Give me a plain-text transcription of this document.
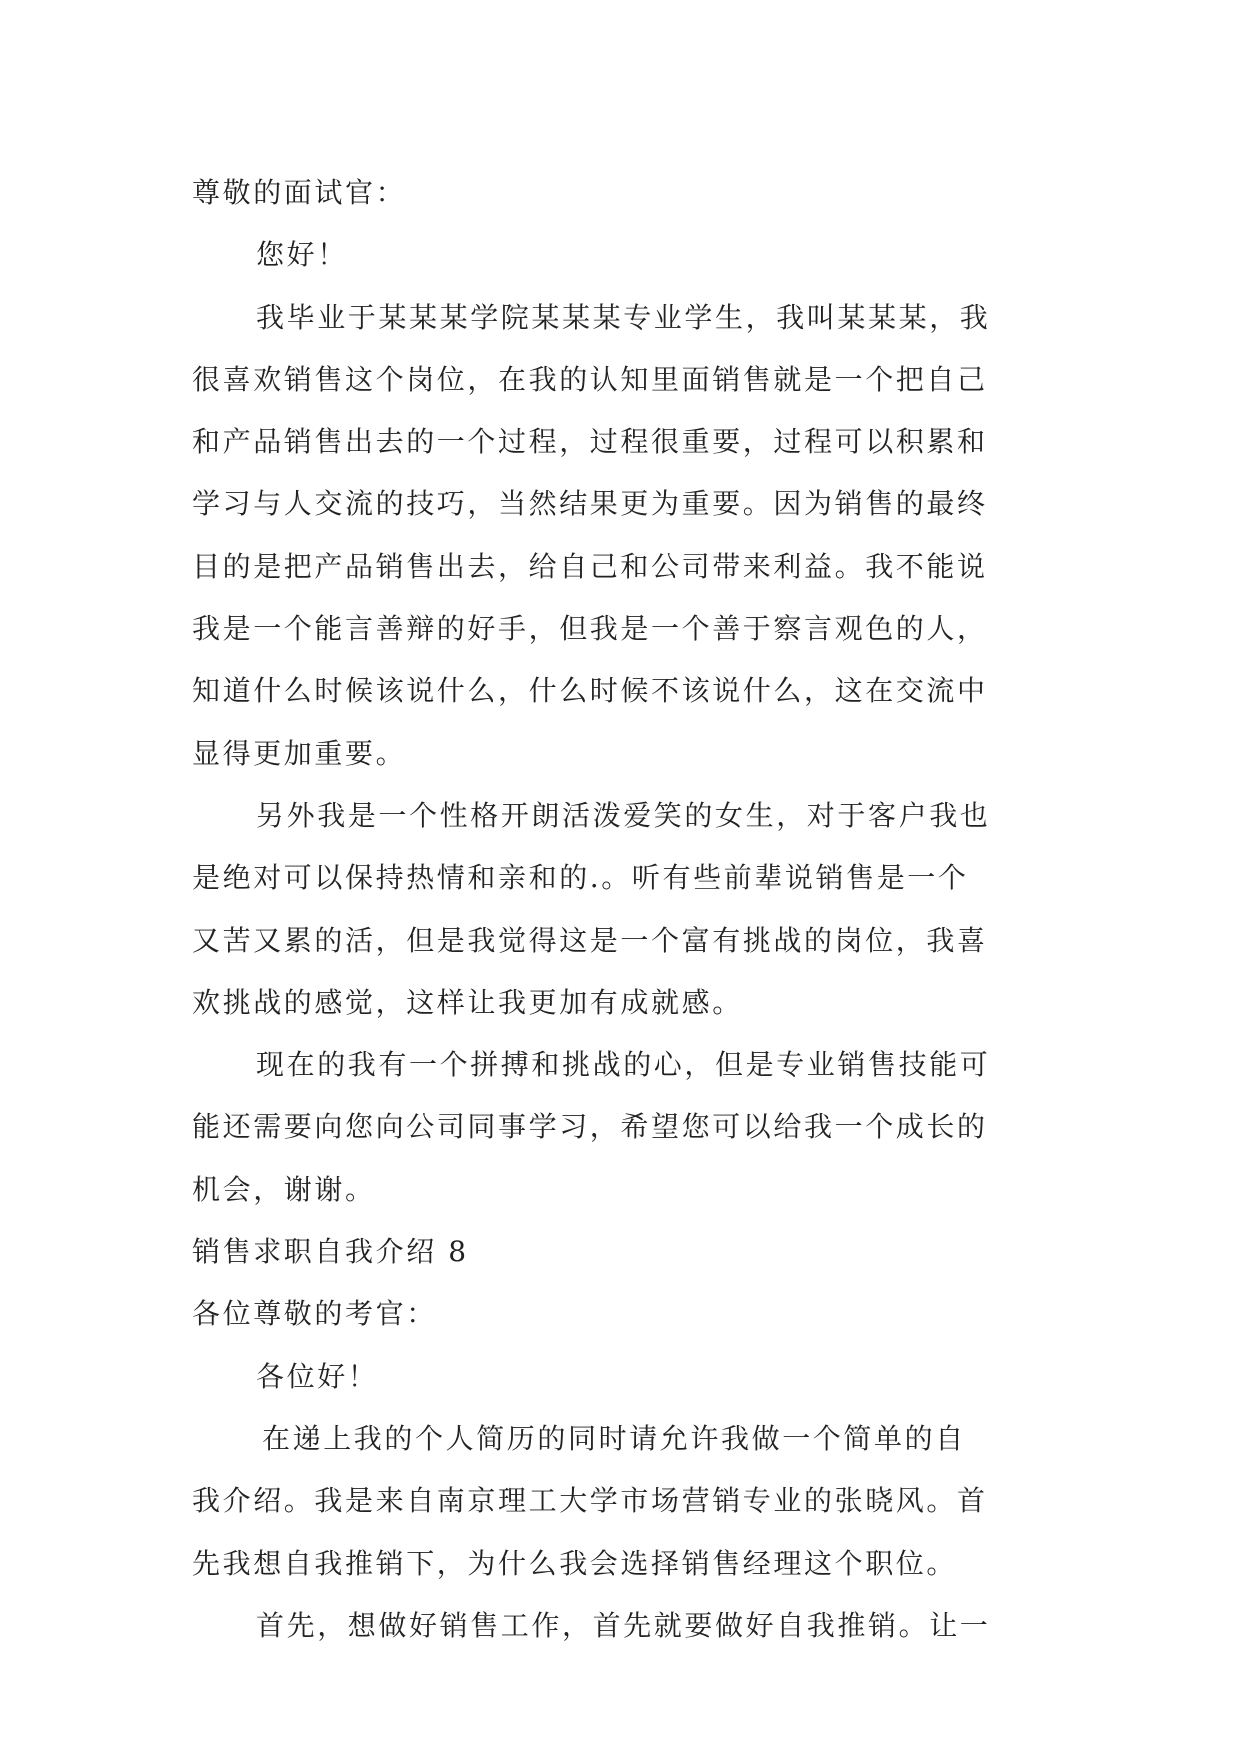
尊敬的面试官：
您好！
我毕业于某某某学院某某某专业学生，我叫某某某，我
很喜欢销售这个岗位，在我的认知里面销售就是一个把自己
和产品销售出去的一个过程，过程很重要，过程可以积累和
学习与人交流的技巧，当然结果更为重要。因为销售的最终
目的是把产品销售出去，给自己和公司带来利益。我不能说
我是一个能言善辩的好手，但我是一个善于察言观色的人，
知道什么时候该说什么，什么时候不该说什么，这在交流中
显得更加重要。
另外我是一个性格开朗活泼爱笑的女生，对于客户我也
是绝对可以保持热情和亲和的.。听有些前辈说销售是一个
又苦又累的活，但是我觉得这是一个富有挑战的岗位，我喜
欢挑战的感觉，这样让我更加有成就感。
现在的我有一个拼搏和挑战的心，但是专业销售技能可
能还需要向您向公司同事学习，希望您可以给我一个成长的
机会，谢谢。
销售求职自我介绍 8
各位尊敬的考官：
各位好！
在递上我的个人简历的同时请允许我做一个简单的自
我介绍。我是来自南京理工大学市场营销专业的张晓风。首
先我想自我推销下，为什么我会选择销售经理这个职位。
首先，想做好销售工作，首先就要做好自我推销。让一
